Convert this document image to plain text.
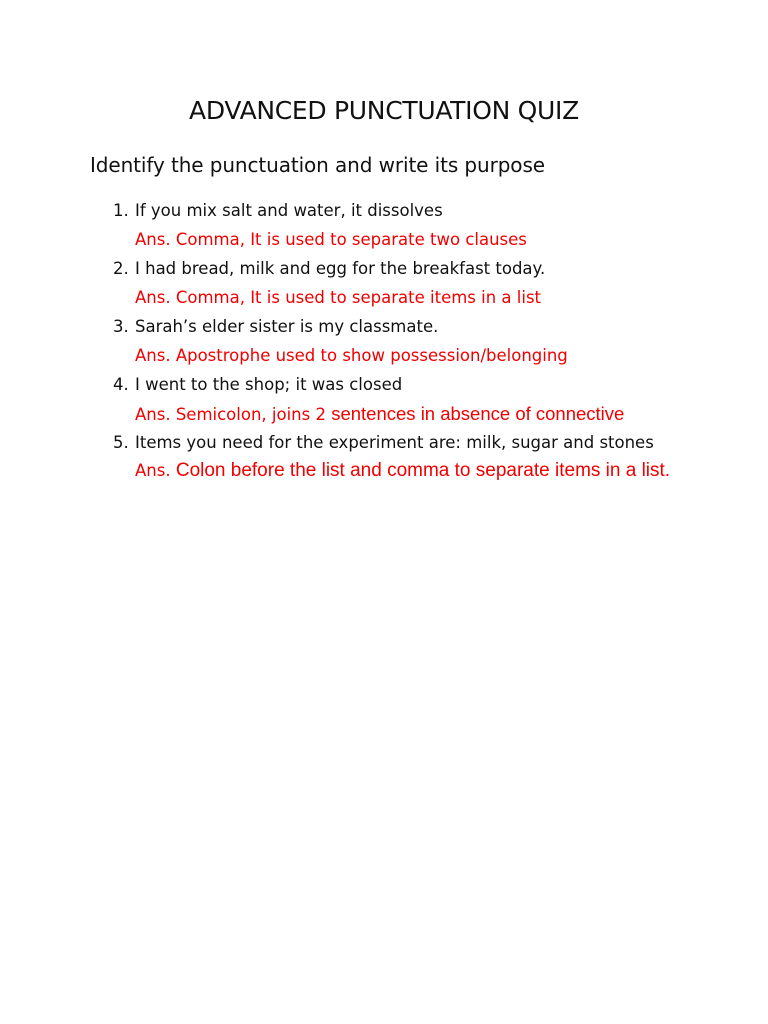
ADVANCED PUNCTUATION QUIZ
Identify the punctuation and write its purpose
1. If you mix salt and water, it dissolves
Ans. Comma, It is used to separate two clauses
2. I had bread, milk and egg for the breakfast today.
Ans. Comma, It is used to separate items in a list
3. Sarah’s elder sister is my classmate.
Ans. Apostrophe used to show possession/belonging
4. I went to the shop; it was closed
Ans. Semicolon, joins 2 sentences in absence of connective
5. Items you need for the experiment are: milk, sugar and stones
Ans. Colon before the list and comma to separate items in a list.
